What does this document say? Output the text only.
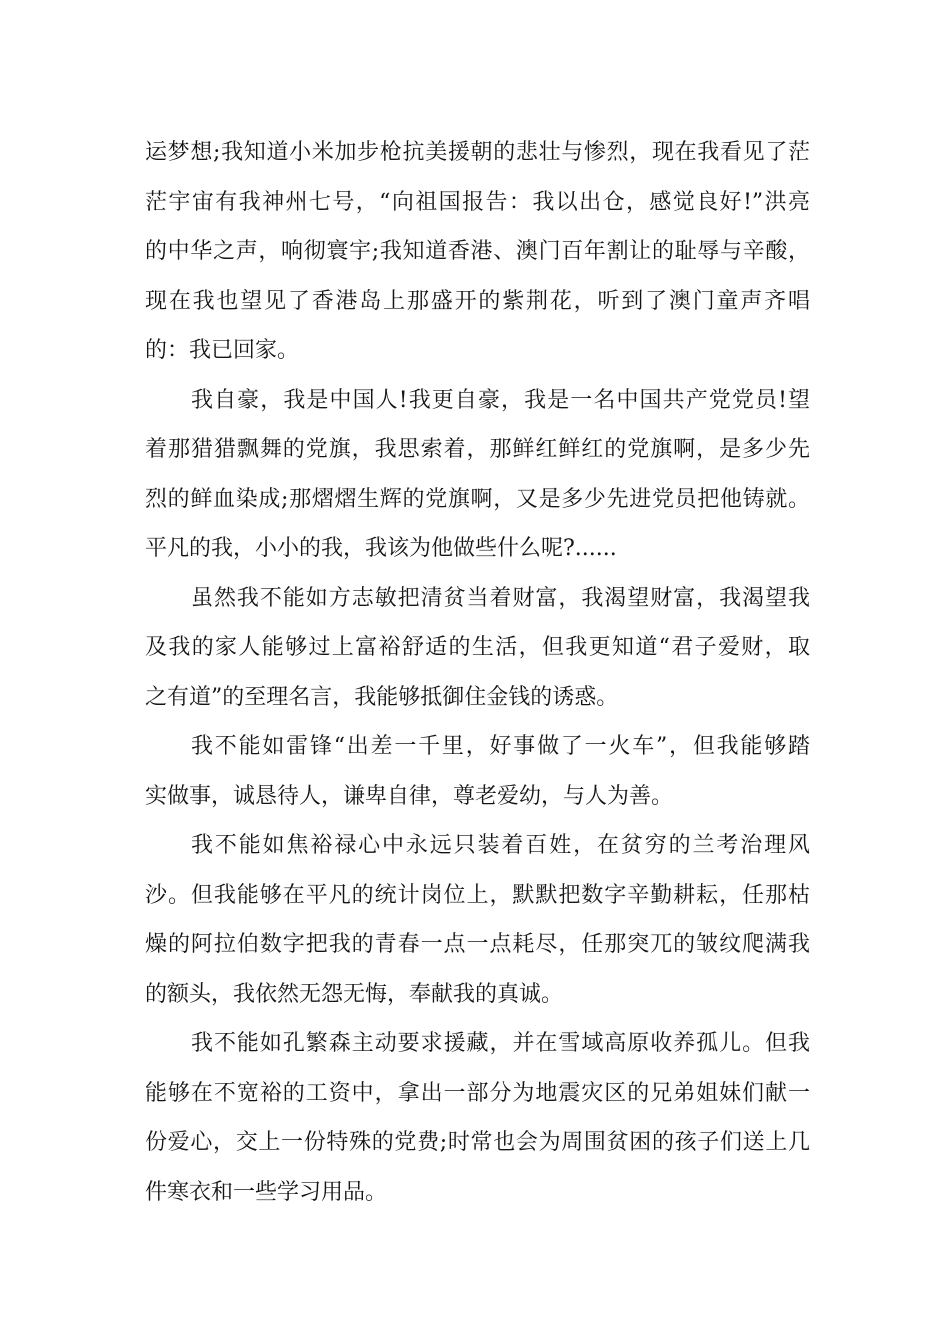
运梦想;我知道小米加步枪抗美援朝的悲壮与惨烈，现在我看见了茫
茫宇宙有我神州七号，“向祖国报告：我以出仓，感觉良好!”洪亮
的中华之声，响彻寰宇;我知道香港、澳门百年割让的耻辱与辛酸，
现在我也望见了香港岛上那盛开的紫荆花，听到了澳门童声齐唱
的：我已回家。
我自豪，我是中国人!我更自豪，我是一名中国共产党党员!望
着那猎猎飘舞的党旗，我思索着，那鲜红鲜红的党旗啊，是多少先
烈的鲜血染成;那熠熠生辉的党旗啊，又是多少先进党员把他铸就。
平凡的我，小小的我，我该为他做些什么呢?......
虽然我不能如方志敏把清贫当着财富，我渴望财富，我渴望我
及我的家人能够过上富裕舒适的生活，但我更知道“君子爱财，取
之有道”的至理名言，我能够抵御住金钱的诱惑。
我不能如雷锋“出差一千里，好事做了一火车”，但我能够踏
实做事，诚恳待人，谦卑自律，尊老爱幼，与人为善。
我不能如焦裕禄心中永远只装着百姓，在贫穷的兰考治理风
沙。但我能够在平凡的统计岗位上，默默把数字辛勤耕耘，任那枯
燥的阿拉伯数字把我的青春一点一点耗尽，任那突兀的皱纹爬满我
的额头，我依然无怨无悔，奉献我的真诚。
我不能如孔繁森主动要求援藏，并在雪域高原收养孤儿。但我
能够在不宽裕的工资中，拿出一部分为地震灾区的兄弟姐妹们献一
份爱心，交上一份特殊的党费;时常也会为周围贫困的孩子们送上几
件寒衣和一些学习用品。
